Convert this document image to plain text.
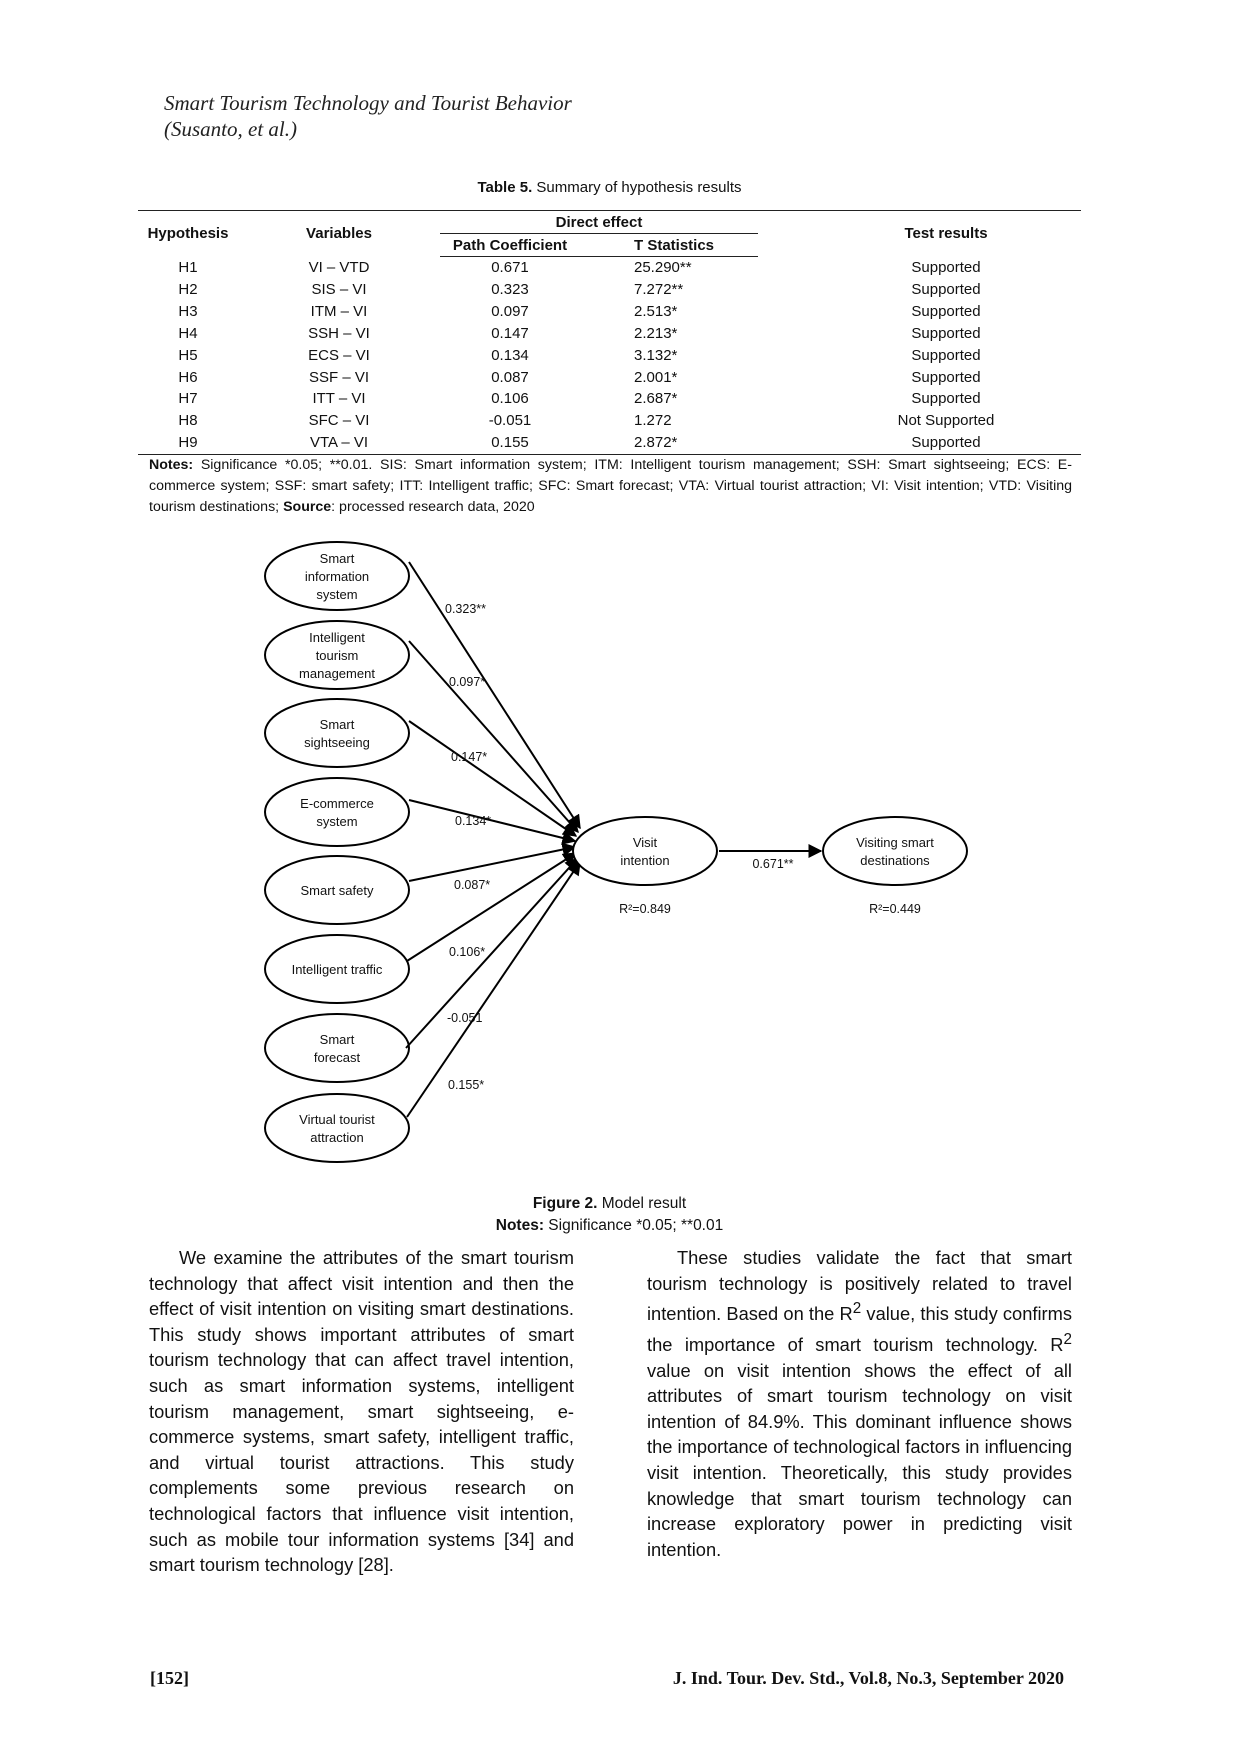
Smart Tourism Technology and Tourist Behavior
(Susanto, et al.)
Table 5. Summary of hypothesis results
Hypothesis	Variables	Direct effect			Test results
		Path Coefficient	T Statistics		
H1	VI – VTD	0.671	25.290**		Supported
H2	SIS – VI	0.323	7.272**		Supported
H3	ITM – VI	0.097	2.513*		Supported
H4	SSH – VI	0.147	2.213*		Supported
H5	ECS – VI	0.134	3.132*		Supported
H6	SSF – VI	0.087	2.001*		Supported
H7	ITT – VI	0.106	2.687*		Supported
H8	SFC – VI	-0.051	1.272		Not Supported
H9	VTA – VI	0.155	2.872*		Supported
Notes: Significance *0.05; **0.01. SIS: Smart information system; ITM: Intelligent tourism management; SSH: Smart sightseeing; ECS: E-commerce system; SSF: smart safety; ITT: Intelligent traffic; SFC: Smart forecast; VTA: Virtual tourist attraction; VI: Visit intention; VTD: Visiting tourism destinations; Source: processed research data, 2020
Smart
information
system
Intelligent
tourism
management
Smart
sightseeing
E-commerce
system
Smart safety
Intelligent traffic
Smart
forecast
Virtual tourist
attraction
0.323**
0.097*
0.147*
0.134*
0.087*
0.106*
-0.051
0.155*
Visit
intention
R²=0.849
Visiting smart
destinations
R²=0.449
0.671**
Figure 2. Model result
Notes: Significance *0.05; **0.01

We examine the attributes of the smart tourism technology that affect visit intention and then the effect of visit intention on visiting smart destinations. This study shows important attributes of smart tourism technology that can affect travel intention, such as smart information systems, intelligent tourism management, smart sightseeing, e-commerce systems, smart safety, intelligent traffic, and virtual tourist attractions. This study complements some previous research on technological factors that influence visit intention, such as mobile tour information systems [34] and smart tourism technology [28].

These studies validate the fact that smart tourism technology is positively related to travel intention. Based on the $R^2$ value, this study confirms the importance of smart tourism technology. $R^2$ value on visit intention shows the effect of all attributes of smart tourism technology on visit intention of 84.9%. This dominant influence shows the importance of technological factors in influencing visit intention. Theoretically, this study provides knowledge that smart tourism technology can increase exploratory power in predicting visit intention.

[152]	J. Ind. Tour. Dev. Std., Vol.8, No.3, September 2020
